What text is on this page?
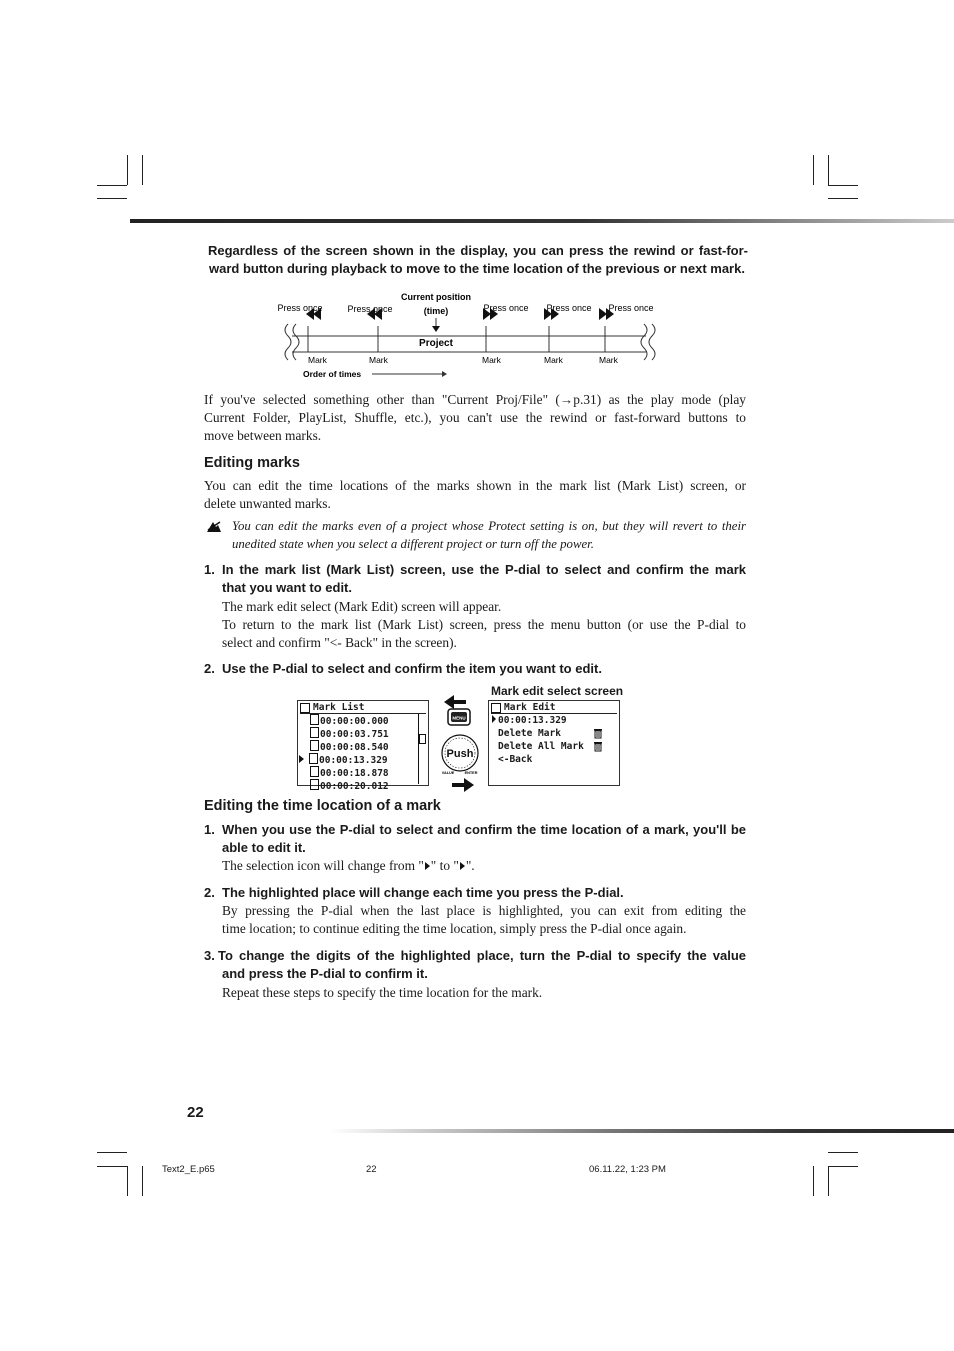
Regardless of the screen shown in the display, you can press the rewind or fast-for-
ward button during playback to move to the time location of the previous or next mark.
Press once	Press once
Current position
(time)	Press once Press once Press once
Project
Mark	Mark	Mark	Mark	Mark
Order of times
If you've selected something other than "Current Proj/File" (→p.31) as the play mode (play
Current Folder, PlayList, Shuffle, etc.), you can't use the rewind or fast-forward buttons to
move between marks.
Editing marks
You can edit the time locations of the marks shown in the mark list (Mark List) screen, or
delete unwanted marks.
You can edit the marks even of a project whose Protect setting is on, but they will revert to their
unedited state when you select a different project or turn off the power.
1. In the mark list (Mark List) screen, use the P-dial to select and confirm the mark
that you want to edit.
The mark edit select (Mark Edit) screen will appear.
To return to the mark list (Mark List) screen, press the menu button (or use the P-dial to
select and confirm "<- Back" in the screen).
2. Use the P-dial to select and confirm the item you want to edit.
Mark edit select screen
Mark List
00:00:00.000
00:00:03.751
00:00:08.540
00:00:13.329
00:00:18.878
00:00:20.012
MENU
Push
VALUE	ENTER
Mark Edit
00:00:13.329
Delete Mark
Delete All Mark
<-Back
Editing the time location of a mark
1. When you use the P-dial to select and confirm the time location of a mark, you'll be
able to edit it.
The selection icon will change from " " to " ".
2. The highlighted place will change each time you press the P-dial.
By pressing the P-dial when the last place is highlighted, you can exit from editing the
time location; to continue editing the time location, simply press the P-dial once again.
3. To change the digits of the highlighted place, turn the P-dial to specify the value
and press the P-dial to confirm it.
Repeat these steps to specify the time location for the mark.
22
Text2_E.p65	22	06.11.22, 1:23 PM
